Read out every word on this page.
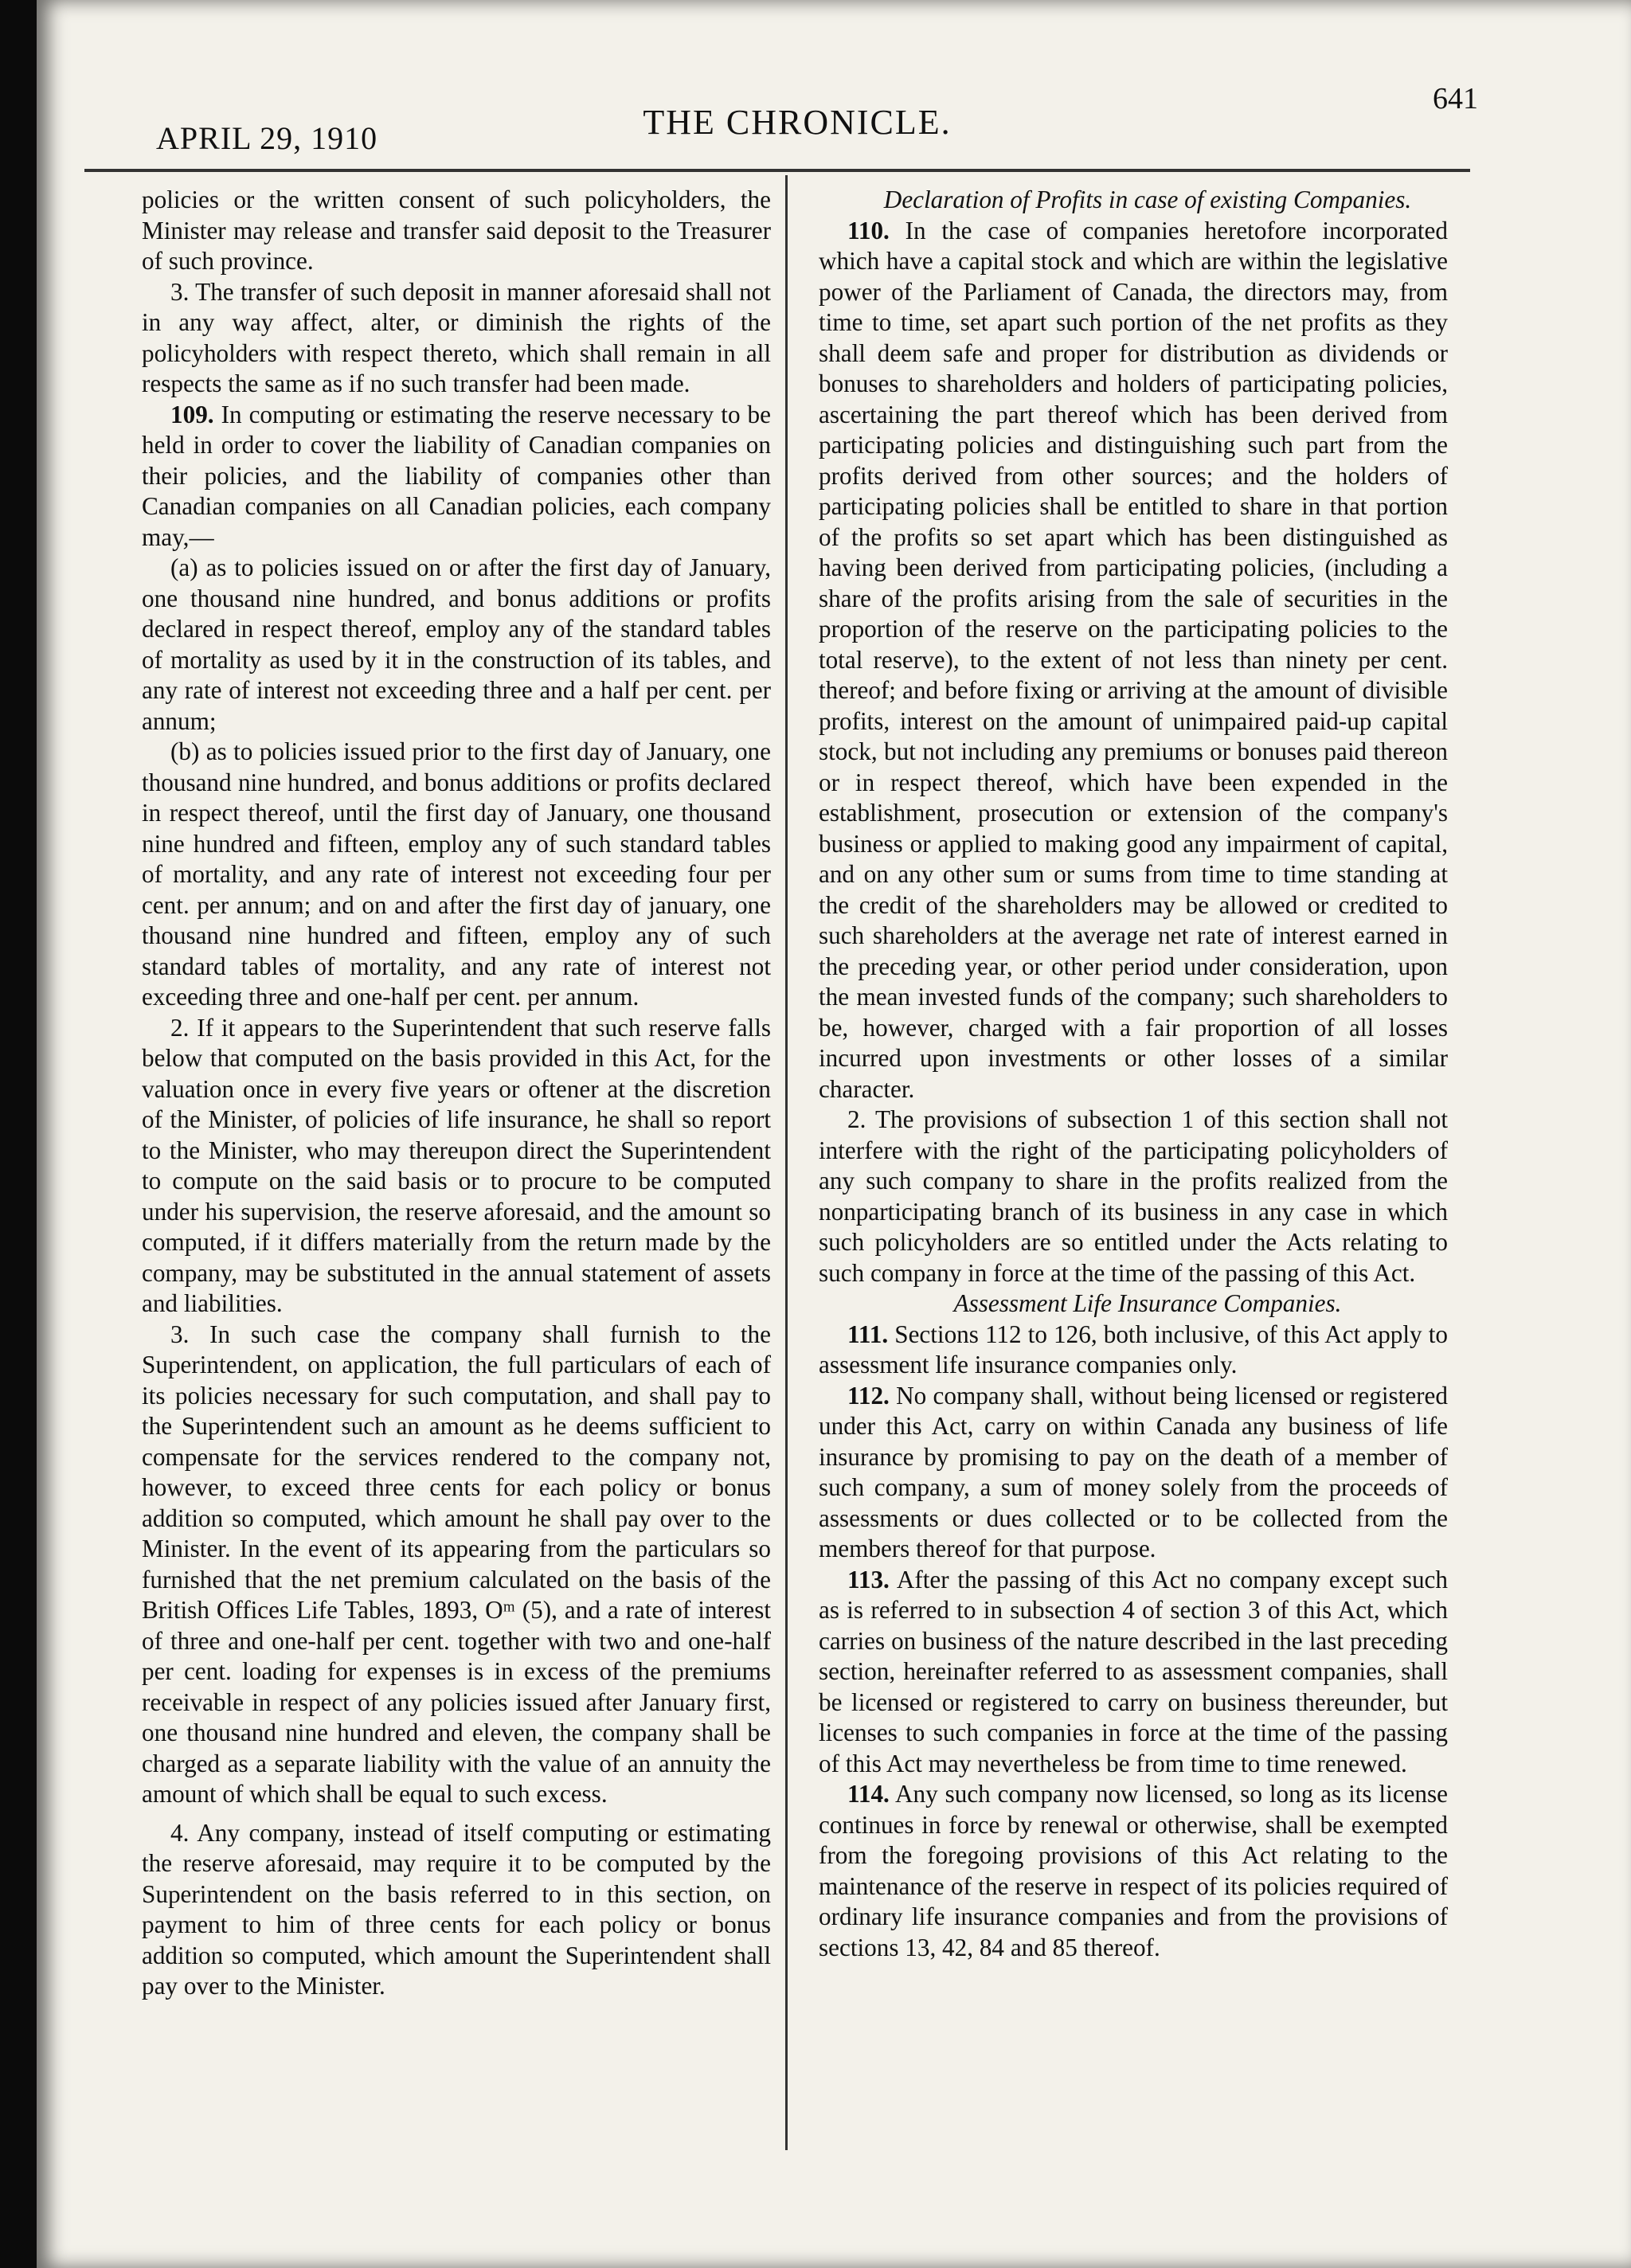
APRIL 29, 1910	THE CHRONICLE.
641

policies or the written consent of such policyholders, the Minister may release and transfer said deposit to the Treasurer of such province.

3. The transfer of such deposit in manner aforesaid shall not in any way affect, alter, or diminish the rights of the policyholders with respect thereto, which shall remain in all respects the same as if no such transfer had been made.

109. In computing or estimating the reserve necessary to be held in order to cover the liability of Canadian companies on their policies, and the liability of companies other than Canadian companies on all Canadian policies, each company may,—

(a) as to policies issued on or after the first day of January, one thousand nine hundred, and bonus additions or profits declared in respect thereof, employ any of the standard tables of mortality as used by it in the construction of its tables, and any rate of interest not exceeding three and a half per cent. per annum;

(b) as to policies issued prior to the first day of January, one thousand nine hundred, and bonus additions or profits declared in respect thereof, until the first day of January, one thousand nine hundred and fifteen, employ any of such standard tables of mortality, and any rate of interest not exceeding four per cent. per annum; and on and after the first day of january, one thousand nine hundred and fifteen, employ any of such standard tables of mortality, and any rate of interest not exceeding three and one-half per cent. per annum.

2. If it appears to the Superintendent that such reserve falls below that computed on the basis provided in this Act, for the valuation once in every five years or oftener at the discretion of the Minister, of policies of life insurance, he shall so report to the Minister, who may thereupon direct the Superintendent to compute on the said basis or to procure to be computed under his supervision, the reserve aforesaid, and the amount so computed, if it differs materially from the return made by the company, may be substituted in the annual statement of assets and liabilities.

3. In such case the company shall furnish to the Superintendent, on application, the full particulars of each of its policies necessary for such computation, and shall pay to the Superintendent such an amount as he deems sufficient to compensate for the services rendered to the company not, however, to exceed three cents for each policy or bonus addition so computed, which amount he shall pay over to the Minister. In the event of its appearing from the particulars so furnished that the net premium calculated on the basis of the British Offices Life Tables, 1893, Oᵐ (5), and a rate of interest of three and one-half per cent. together with two and one-half per cent. loading for expenses is in excess of the premiums receivable in respect of any policies issued after January first, one thousand nine hundred and eleven, the company shall be charged as a separate liability with the value of an annuity the amount of which shall be equal to such excess.

4. Any company, instead of itself computing or estimating the reserve aforesaid, may require it to be computed by the Superintendent on the basis referred to in this section, on payment to him of three cents for each policy or bonus addition so computed, which amount the Superintendent shall pay over to the Minister.

Declaration of Profits in case of existing Companies.

110. In the case of companies heretofore incorporated which have a capital stock and which are within the legislative power of the Parliament of Canada, the directors may, from time to time, set apart such portion of the net profits as they shall deem safe and proper for distribution as dividends or bonuses to shareholders and holders of participating policies, ascertaining the part thereof which has been derived from participating policies and distinguishing such part from the profits derived from other sources; and the holders of participating policies shall be entitled to share in that portion of the profits so set apart which has been distinguished as having been derived from participating policies, (including a share of the profits arising from the sale of securities in the proportion of the reserve on the participating policies to the total reserve), to the extent of not less than ninety per cent. thereof; and before fixing or arriving at the amount of divisible profits, interest on the amount of unimpaired paid-up capital stock, but not including any premiums or bonuses paid thereon or in respect thereof, which have been expended in the establishment, prosecution or extension of the company's business or applied to making good any impairment of capital, and on any other sum or sums from time to time standing at the credit of the shareholders may be allowed or credited to such shareholders at the average net rate of interest earned in the preceding year, or other period under consideration, upon the mean invested funds of the company; such shareholders to be, however, charged with a fair proportion of all losses incurred upon investments or other losses of a similar character.

2. The provisions of subsection 1 of this section shall not interfere with the right of the participating policyholders of any such company to share in the profits realized from the nonparticipating branch of its business in any case in which such policyholders are so entitled under the Acts relating to such company in force at the time of the passing of this Act.

Assessment Life Insurance Companies.

111. Sections 112 to 126, both inclusive, of this Act apply to assessment life insurance companies only.

112. No company shall, without being licensed or registered under this Act, carry on within Canada any business of life insurance by promising to pay on the death of a member of such company, a sum of money solely from the proceeds of assessments or dues collected or to be collected from the members thereof for that purpose.

113. After the passing of this Act no company except such as is referred to in subsection 4 of section 3 of this Act, which carries on business of the nature described in the last preceding section, hereinafter referred to as assessment companies, shall be licensed or registered to carry on business thereunder, but licenses to such companies in force at the time of the passing of this Act may nevertheless be from time to time renewed.

114. Any such company now licensed, so long as its license continues in force by renewal or otherwise, shall be exempted from the foregoing provisions of this Act relating to the maintenance of the reserve in respect of its policies required of ordinary life insurance companies and from the provisions of sections 13, 42, 84 and 85 thereof.
